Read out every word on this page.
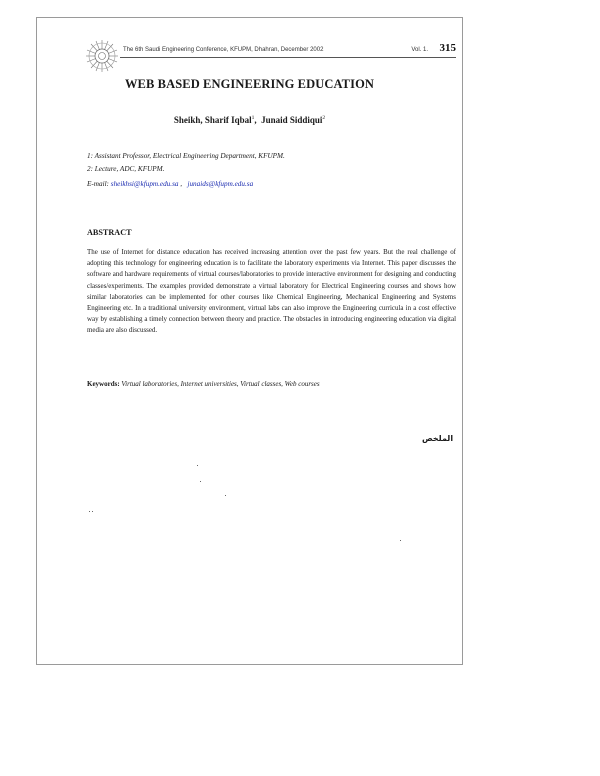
The 6th Saudi Engineering Conference, KFUPM, Dhahran, December 2002	Vol. 1. 315
WEB BASED ENGINEERING EDUCATION
Sheikh, Sharif Iqbal$^1$,  Junaid Siddiqui$^2$
1: Assistant Professor, Electrical Engineering Department, KFUPM.
2: Lecture, ADC, KFUPM.
E-mail: sheikhsi@kfupm.edu.sa ,   junaids@kfupm.edu.sa
ABSTRACT
The use of Internet for distance education has received increasing attention over the past few years. But the real challenge of adopting this technology for engineering education is to facilitate the laboratory experiments via Internet. This paper discusses the software and hardware requirements of virtual courses/laboratories to provide interactive environment for designing and conducting classes/experiments. The examples provided demonstrate a virtual laboratory for Electrical Engineering courses and shows how similar laboratories can be implemented for other courses like Chemical Engineering, Mechanical Engineering and Systems Engineering etc. In a traditional university environment, virtual labs can also improve the Engineering curricula in a cost effective way by establishing a timely connection between theory and practice. The obstacles in introducing engineering education via digital media are also discussed.
Keywords: Virtual laboratories, Internet universities, Virtual classes, Web courses
الملخص
